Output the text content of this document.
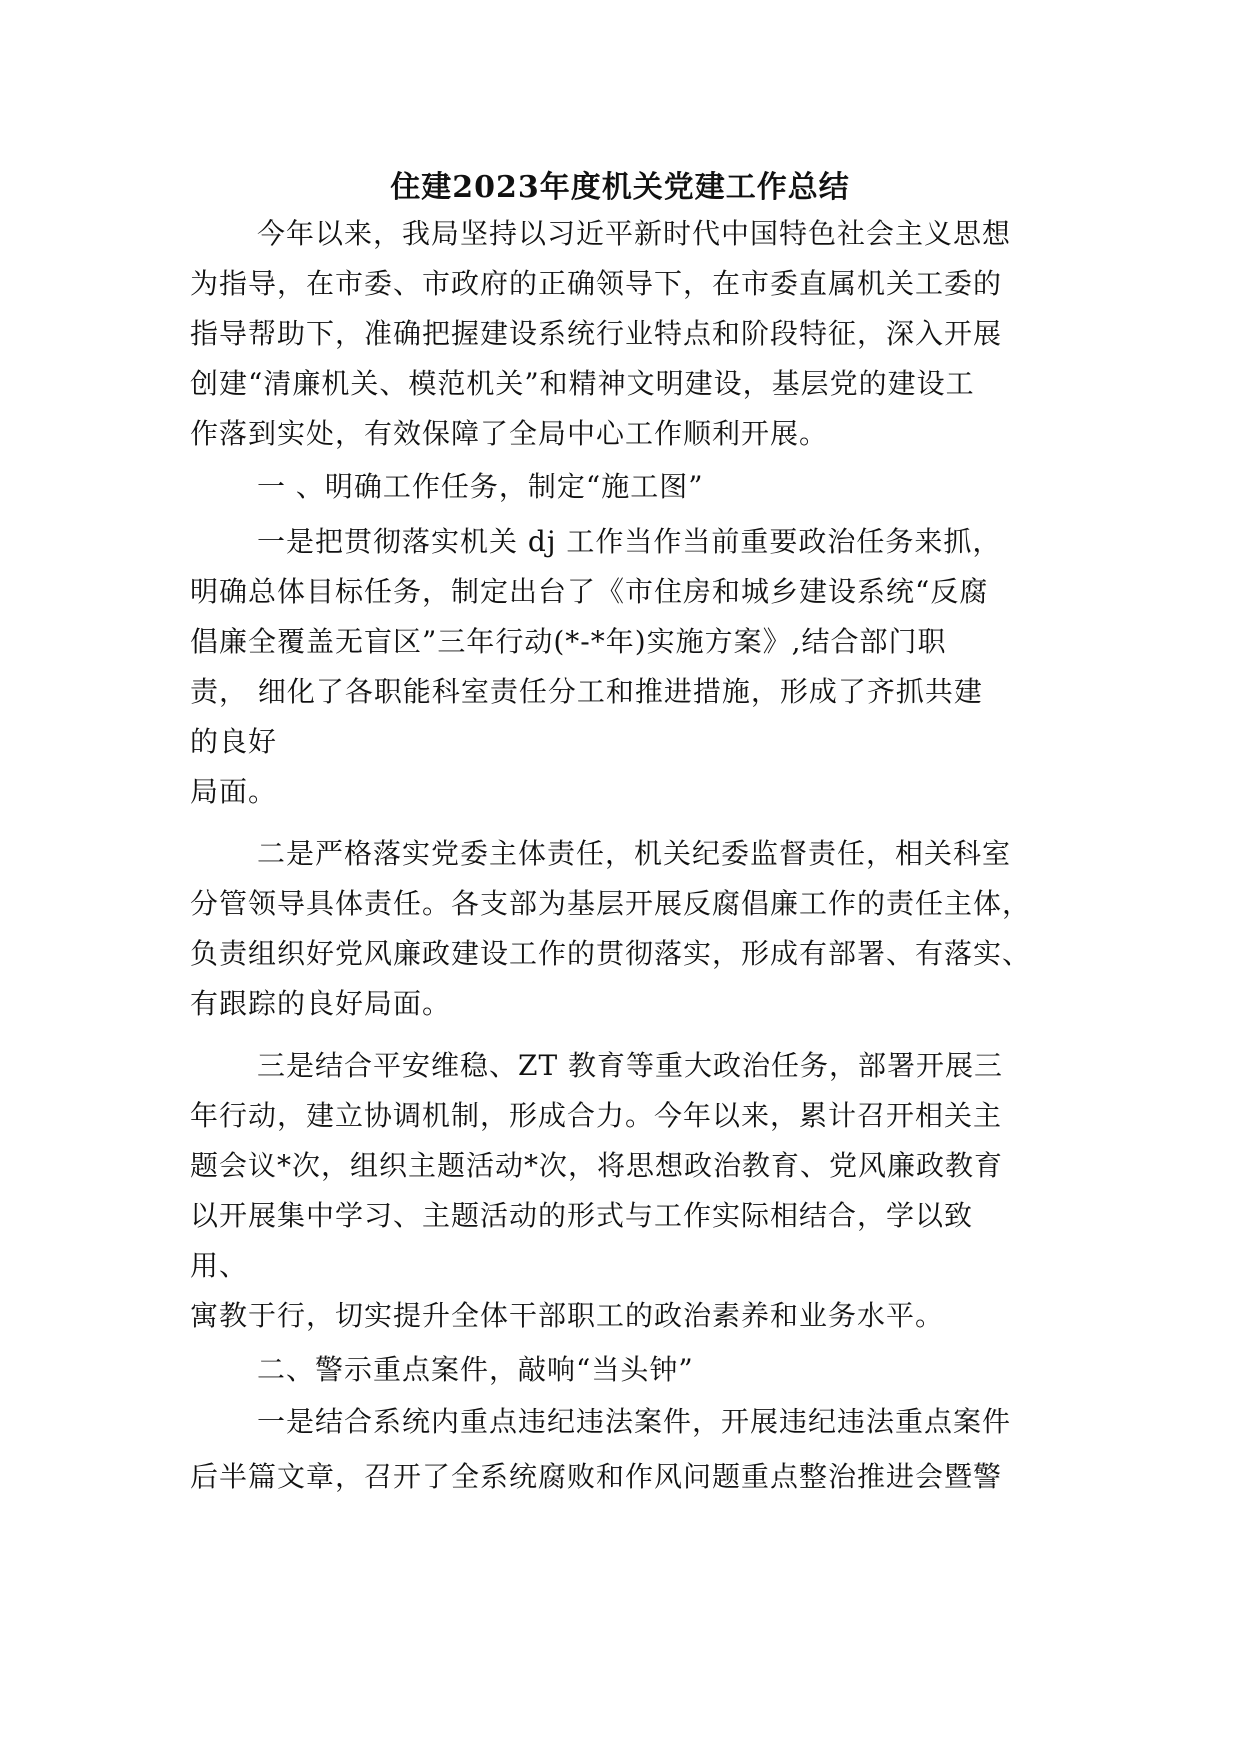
住建2023年度机关党建工作总结
今年以来，我局坚持以习近平新时代中国特色社会主义思想
为指导，在市委、市政府的正确领导下，在市委直属机关工委的
指导帮助下，准确把握建设系统行业特点和阶段特征，深入开展
创建“清廉机关、模范机关”和精神文明建设，基层党的建设工
作落到实处，有效保障了全局中心工作顺利开展。
一 、明确工作任务，制定“施工图”
一是把贯彻落实机关 dj 工作当作当前重要政治任务来抓，
明确总体目标任务，制定出台了《市住房和城乡建设系统“反腐
倡廉全覆盖无盲区”三年行动(*-*年)实施方案》,结合部门职
责， 细化了各职能科室责任分工和推进措施，形成了齐抓共建
的良好
局面。
二是严格落实党委主体责任，机关纪委监督责任，相关科室
分管领导具体责任。各支部为基层开展反腐倡廉工作的责任主体，
负责组织好党风廉政建设工作的贯彻落实，形成有部署、有落实、
有跟踪的良好局面。
三是结合平安维稳、ZT 教育等重大政治任务，部署开展三
年行动，建立协调机制，形成合力。今年以来，累计召开相关主
题会议*次，组织主题活动*次，将思想政治教育、党风廉政教育
以开展集中学习、主题活动的形式与工作实际相结合，学以致
用、
寓教于行，切实提升全体干部职工的政治素养和业务水平。
二、警示重点案件，敲响“当头钟”
一是结合系统内重点违纪违法案件，开展违纪违法重点案件
后半篇文章，召开了全系统腐败和作风问题重点整治推进会暨警
